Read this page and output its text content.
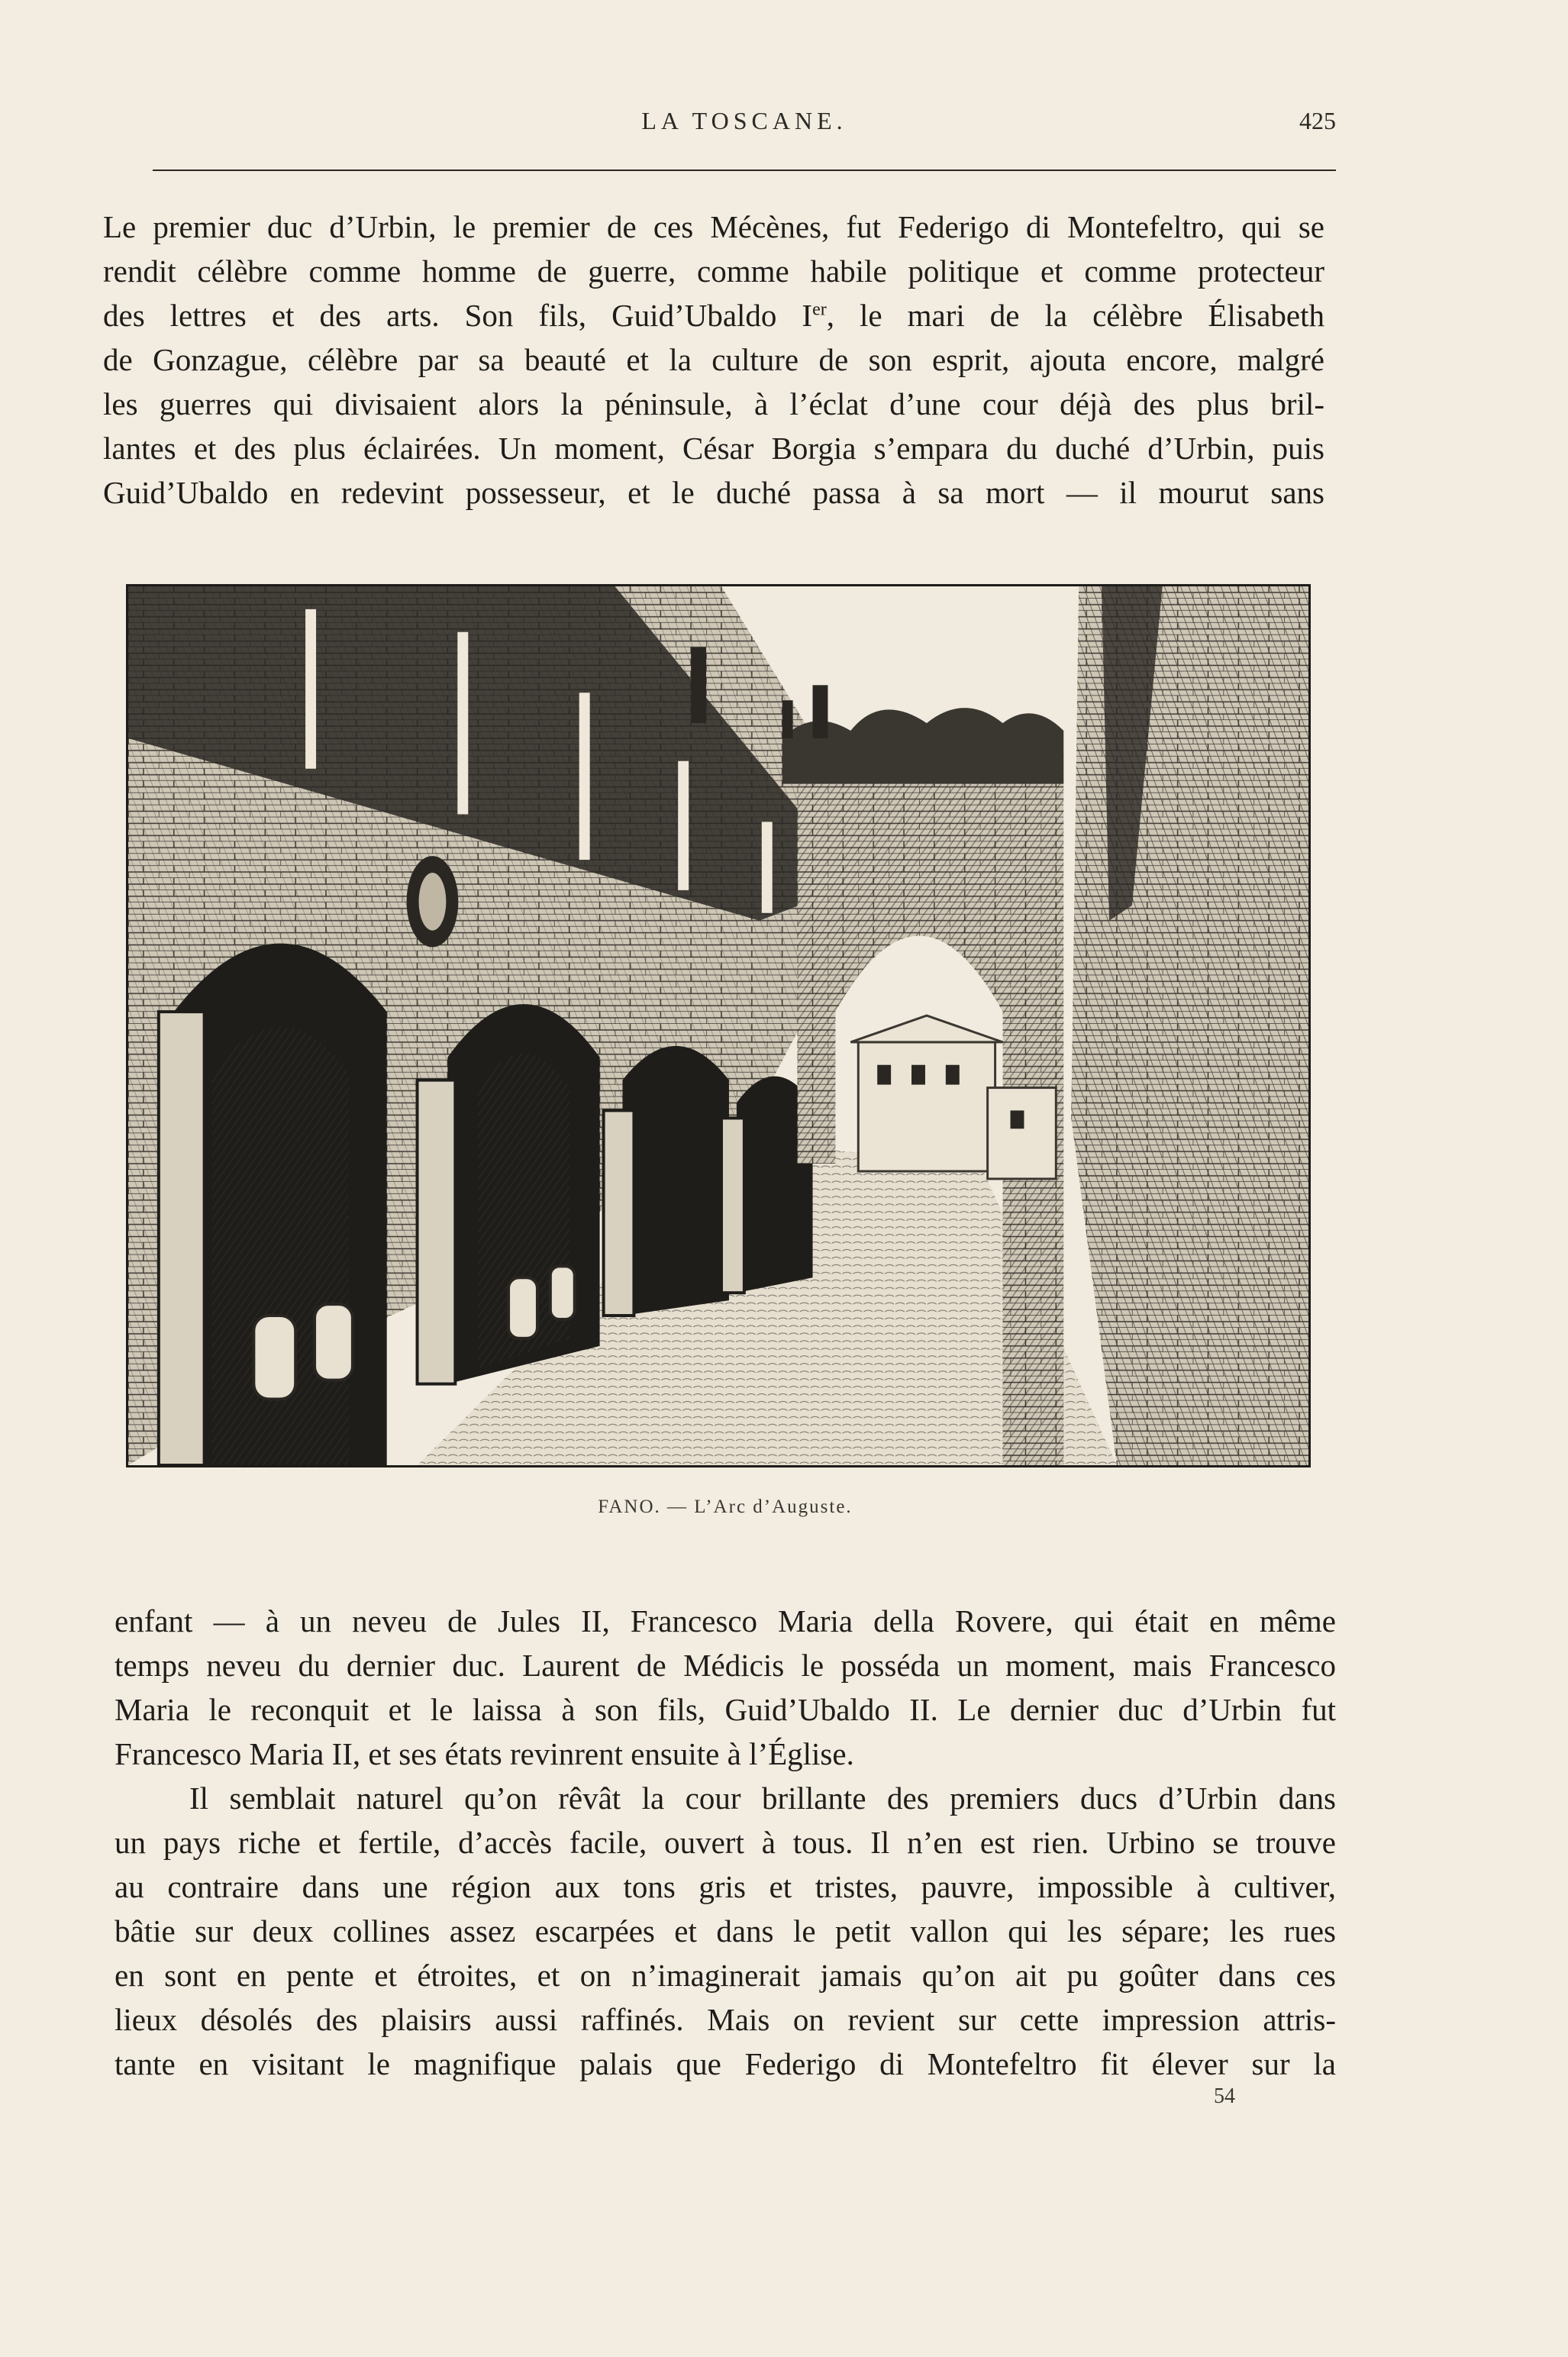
LA TOSCANE.	425
Le premier duc d’Urbin, le premier de ces Mécènes, fut Federigo di Montefeltro, qui se
rendit célèbre comme homme de guerre, comme habile politique et comme protecteur
des lettres et des arts. Son fils, Guid’Ubaldo Ier, le mari de la célèbre Élisabeth
de Gonzague, célèbre par sa beauté et la culture de son esprit, ajouta encore, malgré
les guerres qui divisaient alors la péninsule, à l’éclat d’une cour déjà des plus bril-
lantes et des plus éclairées. Un moment, César Borgia s’empara du duché d’Urbin, puis
Guid’Ubaldo en redevint possesseur, et le duché passa à sa mort — il mourut sans
FANO. — L’Arc d’Auguste.
enfant — à un neveu de Jules II, Francesco Maria della Rovere, qui était en même
temps neveu du dernier duc. Laurent de Médicis le posséda un moment, mais Francesco
Maria le reconquit et le laissa à son fils, Guid’Ubaldo II. Le dernier duc d’Urbin fut
Francesco Maria II, et ses états revinrent ensuite à l’Église.
Il semblait naturel qu’on rêvât la cour brillante des premiers ducs d’Urbin dans
un pays riche et fertile, d’accès facile, ouvert à tous. Il n’en est rien. Urbino se trouve
au contraire dans une région aux tons gris et tristes, pauvre, impossible à cultiver,
bâtie sur deux collines assez escarpées et dans le petit vallon qui les sépare; les rues
en sont en pente et étroites, et on n’imaginerait jamais qu’on ait pu goûter dans ces
lieux désolés des plaisirs aussi raffinés. Mais on revient sur cette impression attris-
tante en visitant le magnifique palais que Federigo di Montefeltro fit élever sur la
54
